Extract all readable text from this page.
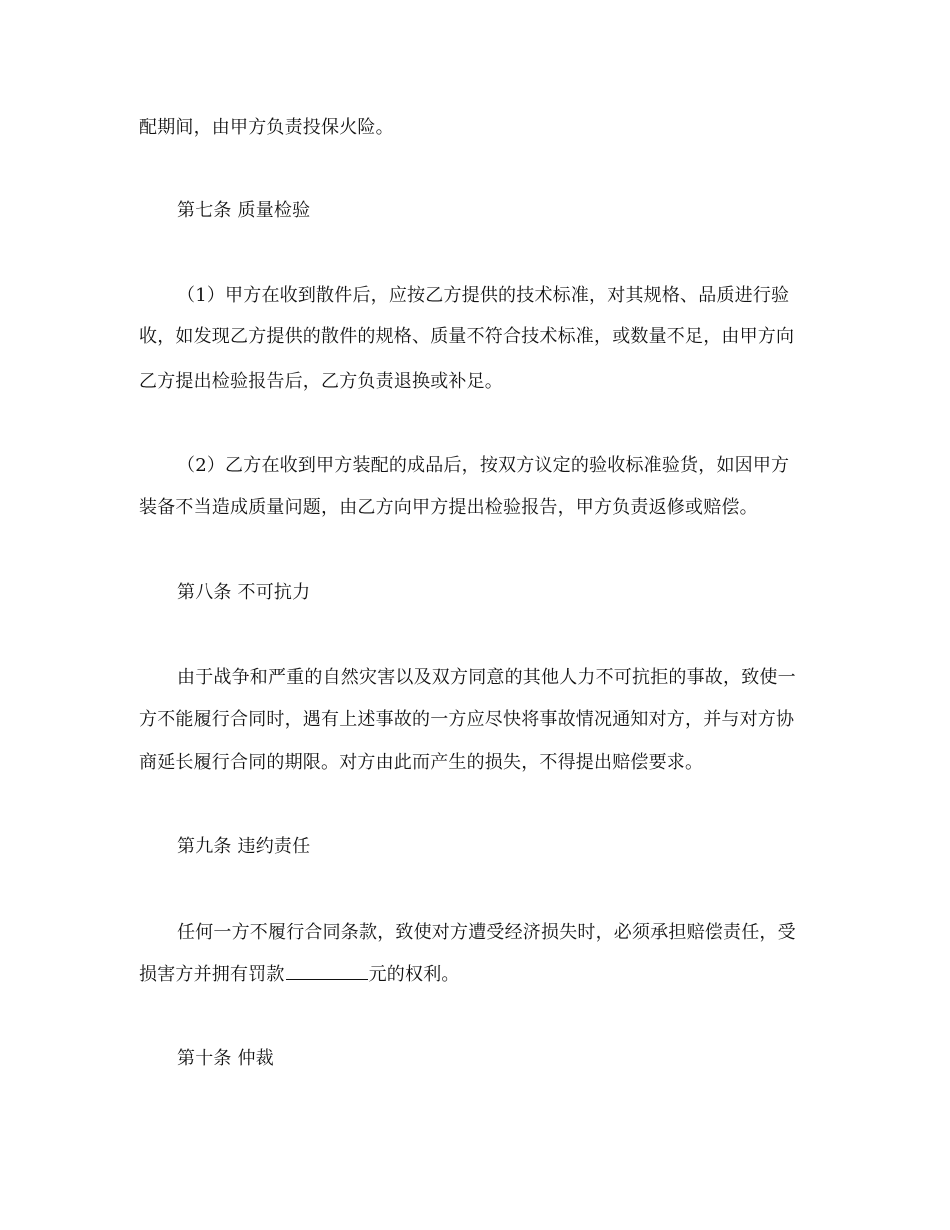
配期间，由甲方负责投保火险。
第七条 质量检验
（1）甲方在收到散件后，应按乙方提供的技术标准，对其规格、品质进行验
收，如发现乙方提供的散件的规格、质量不符合技术标准，或数量不足，由甲方向
乙方提出检验报告后，乙方负责退换或补足。
（2）乙方在收到甲方装配的成品后，按双方议定的验收标准验货，如因甲方
装备不当造成质量问题，由乙方向甲方提出检验报告，甲方负责返修或赔偿。
第八条 不可抗力
由于战争和严重的自然灾害以及双方同意的其他人力不可抗拒的事故，致使一
方不能履行合同时，遇有上述事故的一方应尽快将事故情况通知对方，并与对方协
商延长履行合同的期限。对方由此而产生的损失，不得提出赔偿要求。
第九条 违约责任
任何一方不履行合同条款，致使对方遭受经济损失时，必须承担赔偿责任，受
损害方并拥有罚款	元的权利。
第十条 仲裁
